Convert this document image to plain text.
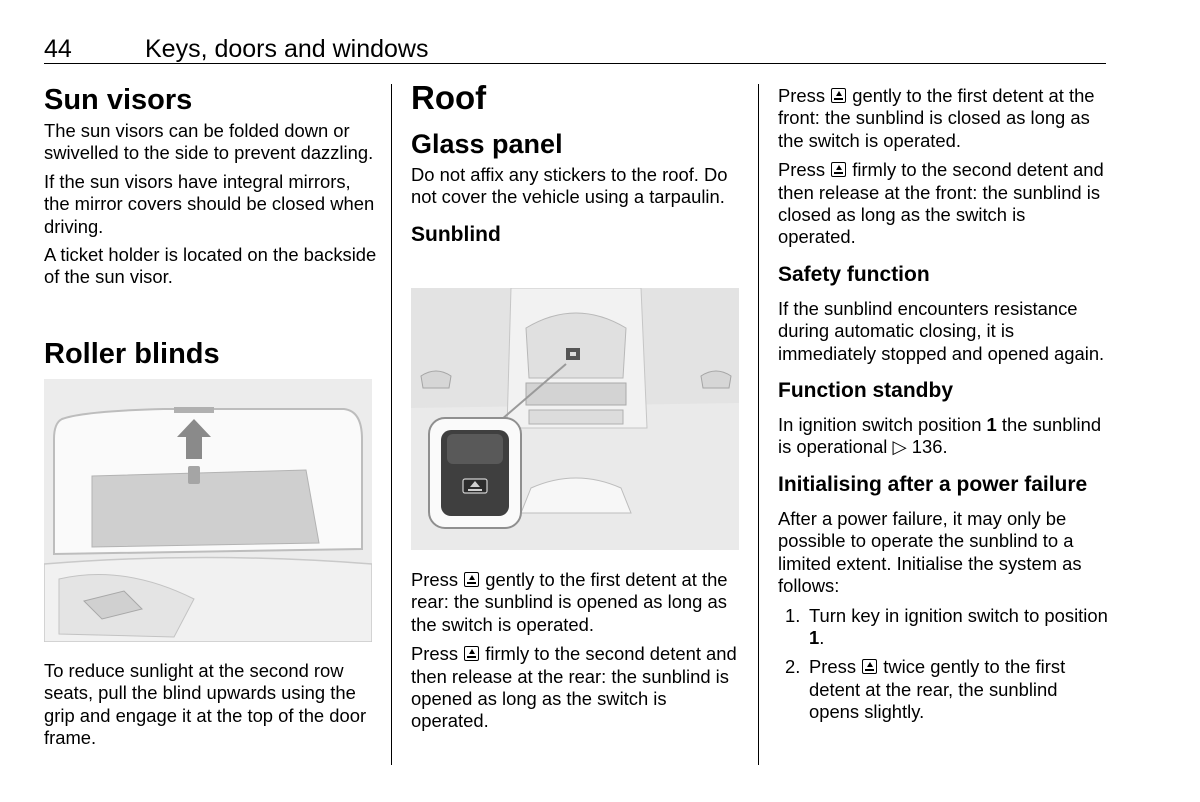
44	Keys, doors and windows
Sun visors

The sun visors can be folded down or swivelled to the side to prevent dazzling.

If the sun visors have integral mirrors, the mirror covers should be closed when driving.

A ticket holder is located on the backside of the sun visor.

Roller blinds

To reduce sunlight at the second row seats, pull the blind upwards using the grip and engage it at the top of the door frame.

Roof
Glass panel

Do not affix any stickers to the roof. Do not cover the vehicle using a tarpaulin.

Sunblind

Press  gently to the first detent at the rear: the sunblind is opened as long as the switch is operated.

Press  firmly to the second detent and then release at the rear: the sunblind is opened as long as the switch is operated.

Press  gently to the first detent at the front: the sunblind is closed as long as the switch is operated.

Press  firmly to the second detent and then release at the front: the sunblind is closed as long as the switch is operated.

Safety function

If the sunblind encounters resistance during automatic closing, it is immediately stopped and opened again.

Function standby

In ignition switch position 1 the sunblind is operational ▷ 136.

Initialising after a power failure

After a power failure, it may only be possible to operate the sunblind to a limited extent. Initialise the system as follows:

1. Turn key in ignition switch to position 1.
2. Press  twice gently to the first detent at the rear, the sunblind opens slightly.
